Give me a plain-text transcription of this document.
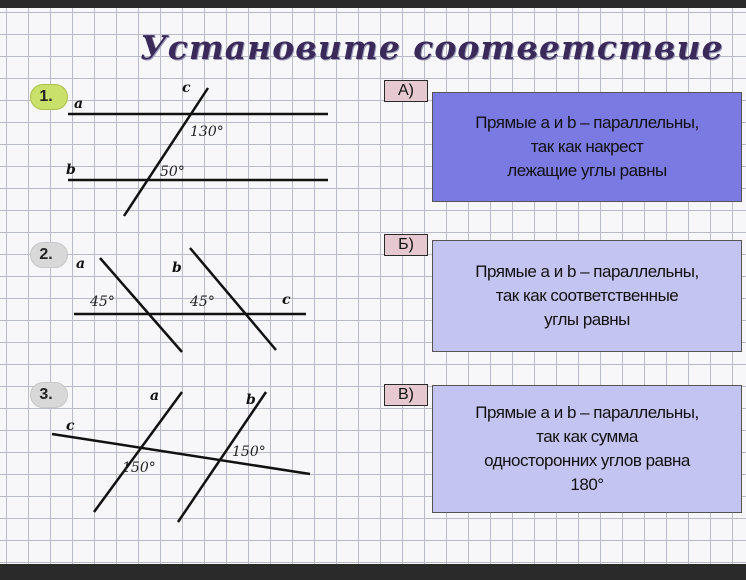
Установите соответствие
1.
2.
3.
a
b
c
130°
50°
a	b
c
45°	45°
a	b
c
150°
150°
А)
Б)
В)
Прямые a и b – параллельны,
так как накрест
лежащие углы равны
Прямые a и b – параллельны,
так как соответственные
углы равны
Прямые a и b – параллельны,
так как сумма
односторонних углов равна
180°
